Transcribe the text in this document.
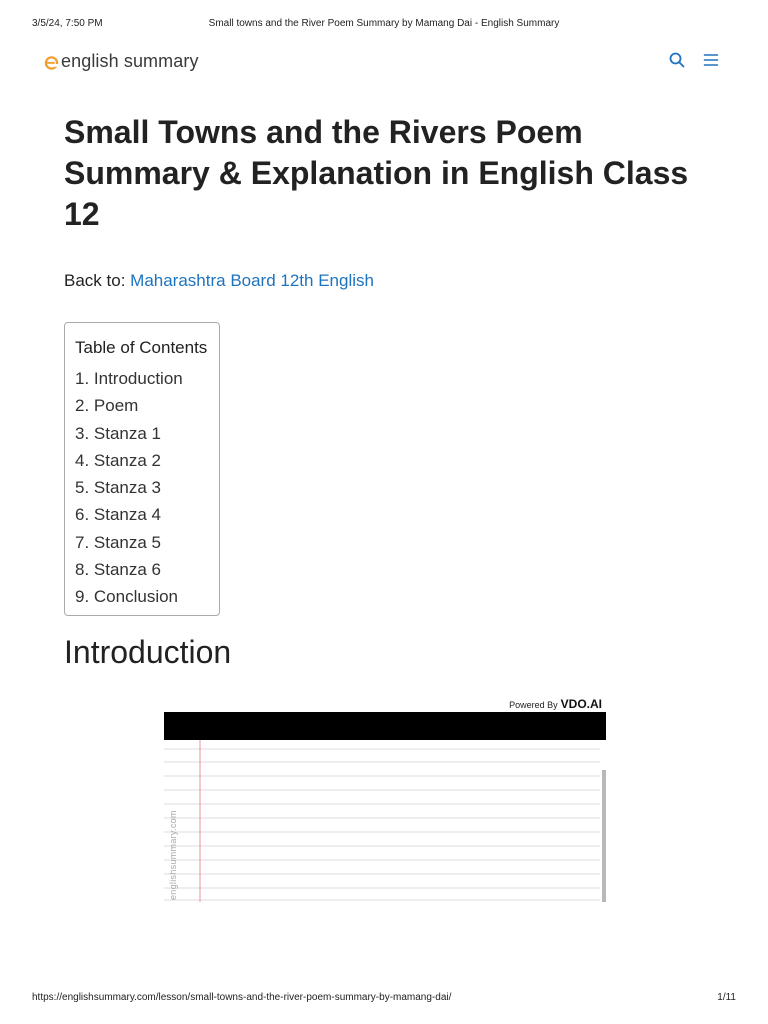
3/5/24, 7:50 PM	Small towns and the River Poem Summary by Mamang Dai - English Summary
english summary
Small Towns and the Rivers Poem Summary & Explanation in English Class 12
Back to: Maharashtra Board 12th English
Table of Contents
1. Introduction
2. Poem
3. Stanza 1
4. Stanza 2
5. Stanza 3
6. Stanza 4
7. Stanza 5
8. Stanza 6
9. Conclusion
Introduction
Powered By VDO.AI
englishsummary.com
https://englishsummary.com/lesson/small-towns-and-the-river-poem-summary-by-mamang-dai/	1/11
